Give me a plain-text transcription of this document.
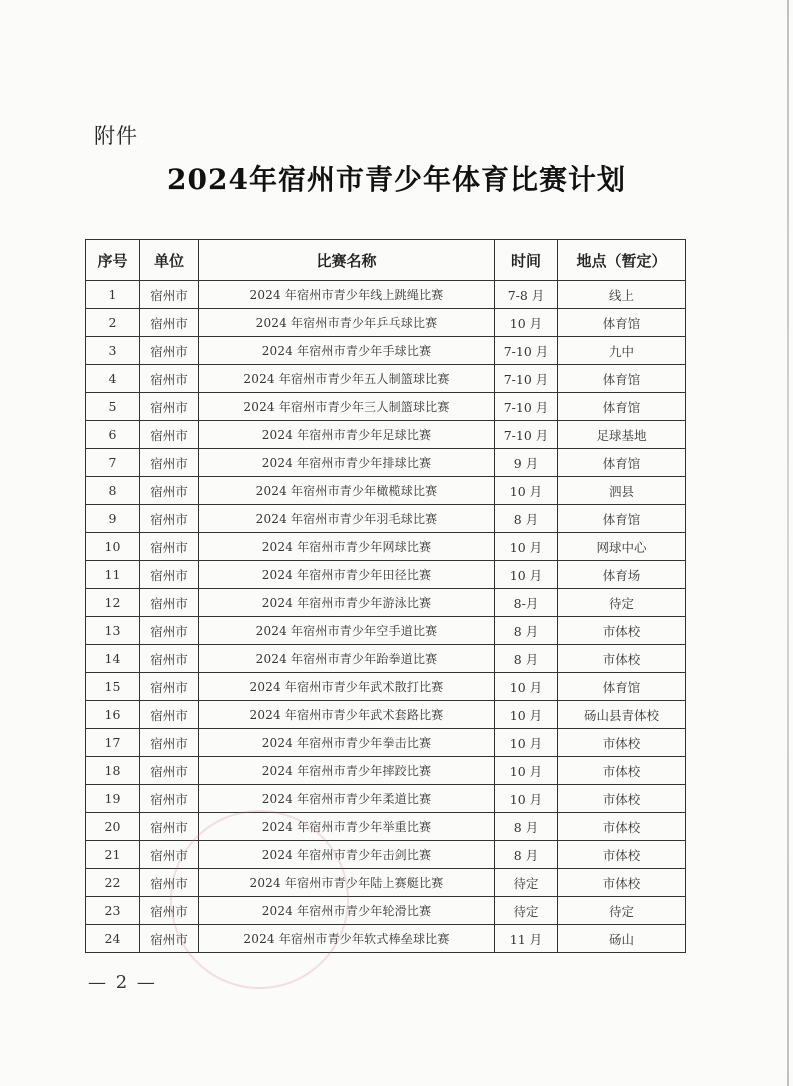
附件
2024年宿州市青少年体育比赛计划
序号	单位	比赛名称	时间	地点（暂定）
1	宿州市	2024 年宿州市青少年线上跳绳比赛	7-8 月	线上
2	宿州市	2024 年宿州市青少年乒乓球比赛	10 月	体育馆
3	宿州市	2024 年宿州市青少年手球比赛	7-10 月	九中
4	宿州市	2024 年宿州市青少年五人制篮球比赛	7-10 月	体育馆
5	宿州市	2024 年宿州市青少年三人制篮球比赛	7-10 月	体育馆
6	宿州市	2024 年宿州市青少年足球比赛	7-10 月	足球基地
7	宿州市	2024 年宿州市青少年排球比赛	9 月	体育馆
8	宿州市	2024 年宿州市青少年橄榄球比赛	10 月	泗县
9	宿州市	2024 年宿州市青少年羽毛球比赛	8 月	体育馆
10	宿州市	2024 年宿州市青少年网球比赛	10 月	网球中心
11	宿州市	2024 年宿州市青少年田径比赛	10 月	体育场
12	宿州市	2024 年宿州市青少年游泳比赛	8-月	待定
13	宿州市	2024 年宿州市青少年空手道比赛	8 月	市体校
14	宿州市	2024 年宿州市青少年跆拳道比赛	8 月	市体校
15	宿州市	2024 年宿州市青少年武术散打比赛	10 月	体育馆
16	宿州市	2024 年宿州市青少年武术套路比赛	10 月	砀山县青体校
17	宿州市	2024 年宿州市青少年拳击比赛	10 月	市体校
18	宿州市	2024 年宿州市青少年摔跤比赛	10 月	市体校
19	宿州市	2024 年宿州市青少年柔道比赛	10 月	市体校
20	宿州市	2024 年宿州市青少年举重比赛	8 月	市体校
21	宿州市	2024 年宿州市青少年击剑比赛	8 月	市体校
22	宿州市	2024 年宿州市青少年陆上赛艇比赛	待定	市体校
23	宿州市	2024 年宿州市青少年轮滑比赛	待定	待定
24	宿州市	2024 年宿州市青少年软式棒垒球比赛	11 月	砀山
— 2 —
